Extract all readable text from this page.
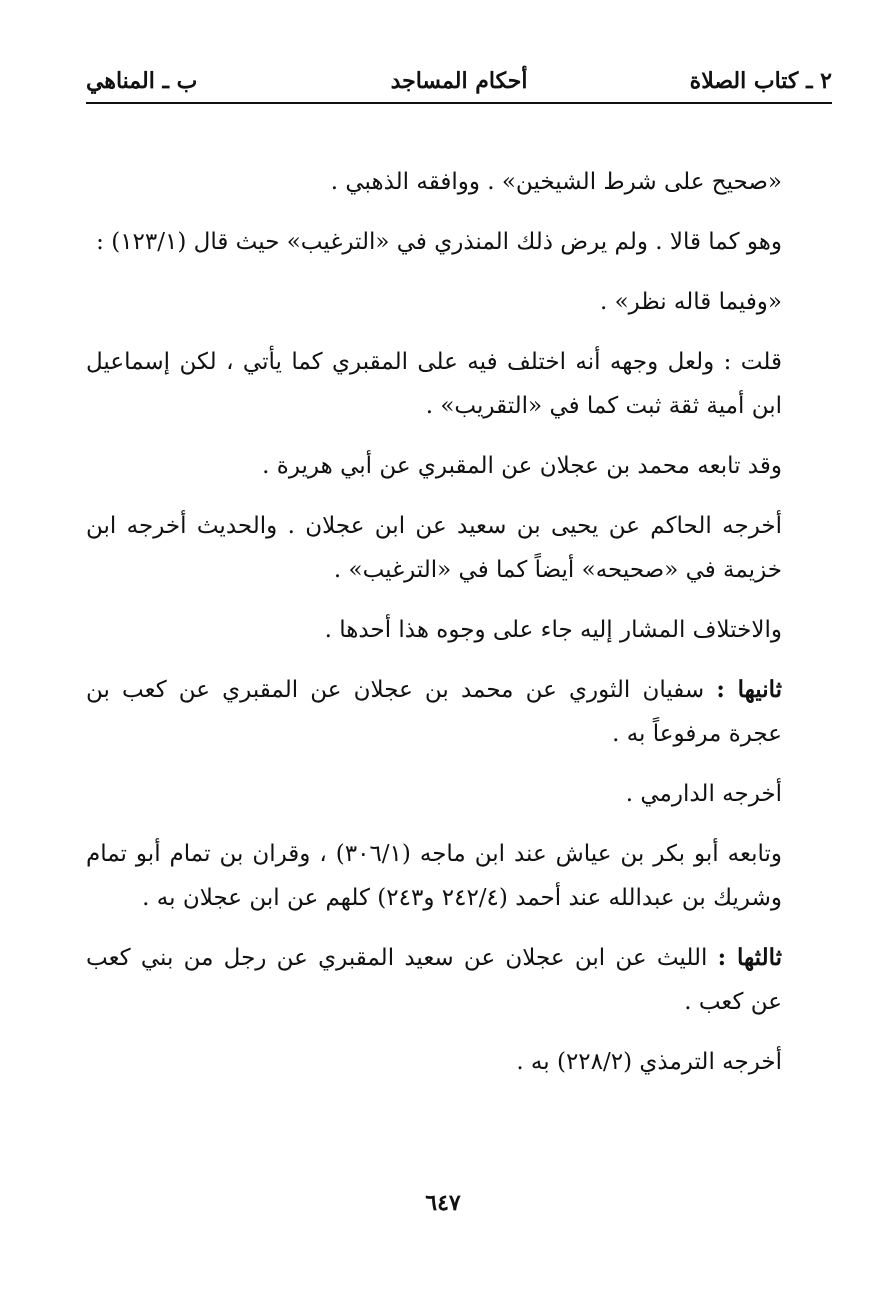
٢ ـ كتاب الصلاة
أحكام المساجد
ب ـ المناهي

«صحيح على شرط الشيخين» . ووافقه الذهبي .

وهو كما قالا . ولم يرض ذلك المنذري في «الترغيب» حيث قال (١٢٣/١) :

«وفيما قاله نظر» .

قلت : ولعل وجهه أنه اختلف فيه على المقبري كما يأتي ، لكن إسماعيل ابن أمية ثقة ثبت كما في «التقريب» .

وقد تابعه محمد بن عجلان عن المقبري عن أبي هريرة .

أخرجه الحاكم عن يحيى بن سعيد عن ابن عجلان . والحديث أخرجه ابن خزيمة في «صحيحه» أيضاً كما في «الترغيب» .

والاختلاف المشار إليه جاء على وجوه هذا أحدها .

ثانيها : سفيان الثوري عن محمد بن عجلان عن المقبري عن كعب بن عجرة مرفوعاً به .

أخرجه الدارمي .

وتابعه أبو بكر بن عياش عند ابن ماجه (٣٠٦/١) ، وقران بن تمام أبو تمام وشريك بن عبدالله عند أحمد (٢٤٢/٤ و٢٤٣) كلهم عن ابن عجلان به .

ثالثها : الليث عن ابن عجلان عن سعيد المقبري عن رجل من بني كعب عن كعب .

أخرجه الترمذي (٢٢٨/٢) به .

٦٤٧
